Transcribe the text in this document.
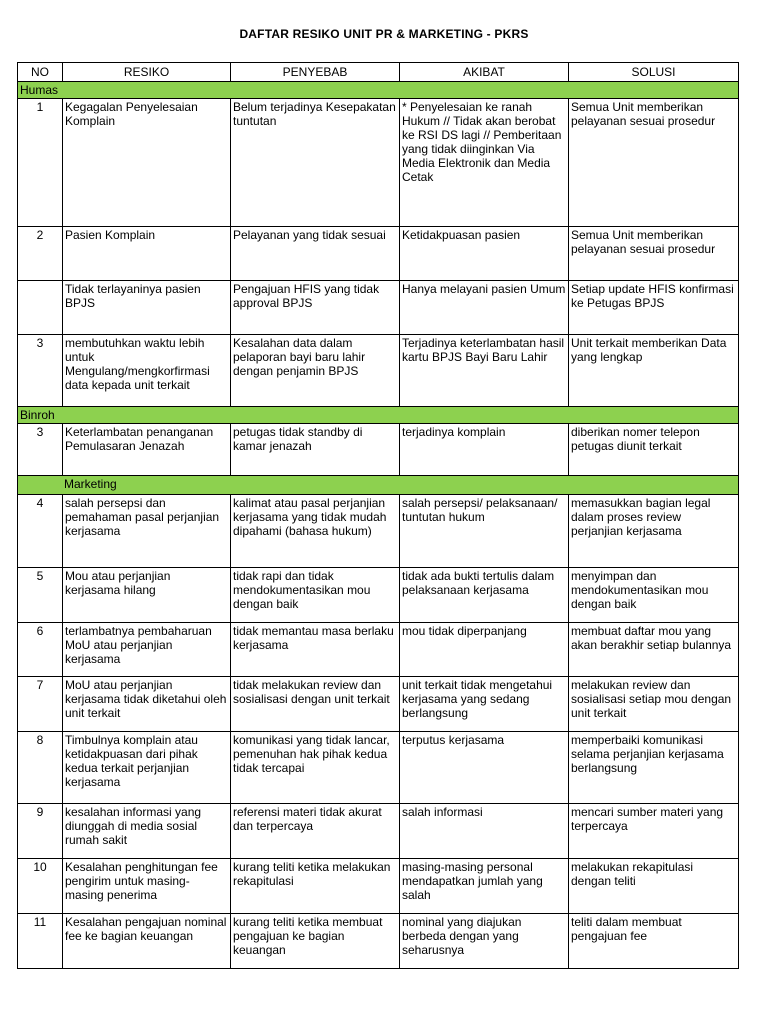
DAFTAR RESIKO UNIT PR & MARKETING - PKRS
NO	RESIKO	PENYEBAB	AKIBAT	SOLUSI
Humas				
1	Kegagalan Penyelesaian Komplain	Belum terjadinya Kesepakatan tuntutan	* Penyelesaian ke ranah Hukum // Tidak akan berobat ke RSI DS lagi // Pemberitaan yang tidak diinginkan Via Media Elektronik dan Media Cetak	Semua Unit memberikan pelayanan sesuai prosedur
2	Pasien Komplain	Pelayanan yang tidak sesuai	Ketidakpuasan pasien	Semua Unit memberikan pelayanan sesuai prosedur
	Tidak terlayaninya pasien BPJS	Pengajuan HFIS yang tidak approval BPJS	Hanya melayani pasien Umum	Setiap update HFIS konfirmasi ke Petugas BPJS
3	membutuhkan waktu lebih untuk Mengulang/mengkorfirmasi data kepada unit terkait	Kesalahan data dalam pelaporan bayi baru lahir dengan penjamin BPJS	Terjadinya keterlambatan hasil kartu BPJS Bayi Baru Lahir	Unit terkait memberikan Data yang lengkap
Binroh				
3	Keterlambatan penanganan Pemulasaran Jenazah	petugas tidak standby di kamar jenazah	terjadinya komplain	diberikan nomer telepon petugas diunit terkait
Marketing				
4	salah persepsi dan pemahaman pasal perjanjian kerjasama	kalimat atau pasal perjanjian kerjasama yang tidak mudah dipahami (bahasa hukum)	salah persepsi/ pelaksanaan/ tuntutan hukum	memasukkan bagian legal dalam proses review perjanjian kerjasama
5	Mou atau perjanjian kerjasama hilang	tidak rapi dan tidak mendokumentasikan mou dengan baik	tidak ada bukti tertulis dalam pelaksanaan kerjasama	menyimpan dan mendokumentasikan mou dengan baik
6	terlambatnya pembaharuan MoU atau perjanjian kerjasama	tidak memantau masa berlaku kerjasama	mou tidak diperpanjang	membuat daftar mou yang akan berakhir setiap bulannya
7	MoU atau perjanjian kerjasama tidak diketahui oleh unit terkait	tidak melakukan review dan sosialisasi dengan unit terkait	unit terkait tidak mengetahui kerjasama yang sedang berlangsung	melakukan review dan sosialisasi setiap mou dengan unit terkait
8	Timbulnya komplain atau ketidakpuasan dari pihak kedua terkait perjanjian kerjasama	komunikasi yang tidak lancar, pemenuhan hak pihak kedua tidak tercapai	terputus kerjasama	memperbaiki komunikasi selama perjanjian kerjasama berlangsung
9	kesalahan informasi yang diunggah di media sosial rumah sakit	referensi materi tidak akurat dan terpercaya	salah informasi	mencari sumber materi yang terpercaya
10	Kesalahan penghitungan fee pengirim untuk masing-masing penerima	kurang teliti ketika melakukan rekapitulasi	masing-masing personal mendapatkan jumlah yang salah	melakukan rekapitulasi dengan teliti
11	Kesalahan pengajuan nominal fee ke bagian keuangan	kurang teliti ketika membuat pengajuan ke bagian keuangan	nominal yang diajukan berbeda dengan yang seharusnya	teliti dalam membuat pengajuan fee
